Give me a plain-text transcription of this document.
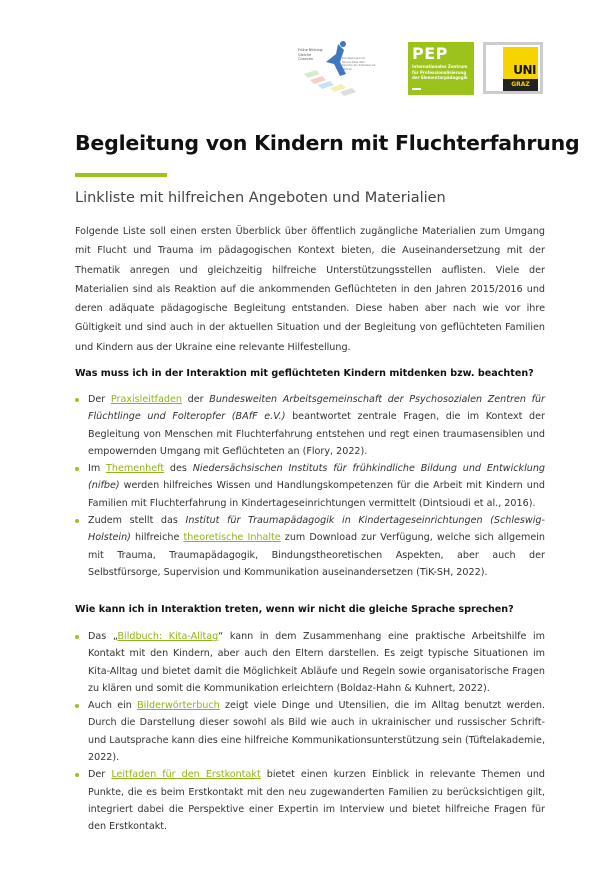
Frühe Bildung: Gleiche Chancen	Bundesprogramm Sprach-Kitas Weil Sprache der Schlüssel zur Welt ist
PEP
Internationales Zentrum für Professionalisierung der Elementarpädagogik
UNI
GRAZ
Begleitung von Kindern mit Fluchterfahrung
Linkliste mit hilfreichen Angeboten und Materialien

Folgende Liste soll einen ersten Überblick über öffentlich zugängliche Materialien zum Umgang mit Flucht und Trauma im pädagogischen Kontext bieten, die Auseinandersetzung mit der Thematik anregen und gleichzeitig hilfreiche Unterstützungsstellen auflisten. Viele der Materialien sind als Reaktion auf die ankommenden Geflüchteten in den Jahren 2015/2016 und deren adäquate pädagogische Begleitung entstanden. Diese haben aber nach wie vor ihre Gültigkeit und sind auch in der aktuellen Situation und der Begleitung von geflüchteten Familien und Kindern aus der Ukraine eine relevante Hilfestellung.

Was muss ich in der Interaktion mit geflüchteten Kindern mitdenken bzw. beachten?

Der Praxisleitfaden der Bundesweiten Arbeitsgemeinschaft der Psychosozialen Zentren für Flüchtlinge und Folteropfer (BAfF e.V.) beantwortet zentrale Fragen, die im Kontext der Begleitung von Menschen mit Fluchterfahrung entstehen und regt einen traumasensiblen und empowernden Umgang mit Geflüchteten an (Flory, 2022).
Im Themenheft des Niedersächsischen Instituts für frühkindliche Bildung und Entwicklung (nifbe) werden hilfreiches Wissen und Handlungskompetenzen für die Arbeit mit Kindern und Familien mit Fluchterfahrung in Kindertageseinrichtungen vermittelt (Dintsioudi et al., 2016).
Zudem stellt das Institut für Traumapädagogik in Kindertageseinrichtungen (Schleswig-Holstein) hilfreiche theoretische Inhalte zum Download zur Verfügung, welche sich allgemein mit Trauma, Traumapädagogik, Bindungstheoretischen Aspekten, aber auch der Selbstfürsorge, Supervision und Kommunikation auseinandersetzen (TiK-SH, 2022).

Wie kann ich in Interaktion treten, wenn wir nicht die gleiche Sprache sprechen?

Das „Bildbuch: Kita-Alltag“ kann in dem Zusammenhang eine praktische Arbeitshilfe im Kontakt mit den Kindern, aber auch den Eltern darstellen. Es zeigt typische Situationen im Kita-Alltag und bietet damit die Möglichkeit Abläufe und Regeln sowie organisatorische Fragen zu klären und somit die Kommunikation erleichtern (Boldaz-Hahn & Kuhnert, 2022).
Auch ein Bilderwörterbuch zeigt viele Dinge und Utensilien, die im Alltag benutzt werden. Durch die Darstellung dieser sowohl als Bild wie auch in ukrainischer und russischer Schrift- und Lautsprache kann dies eine hilfreiche Kommunikationsunterstützung sein (Tüftelakademie, 2022).
Der Leitfaden für den Erstkontakt bietet einen kurzen Einblick in relevante Themen und Punkte, die es beim Erstkontakt mit den neu zugewanderten Familien zu berücksichtigen gilt, integriert dabei die Perspektive einer Expertin im Interview und bietet hilfreiche Fragen für den Erstkontakt.
